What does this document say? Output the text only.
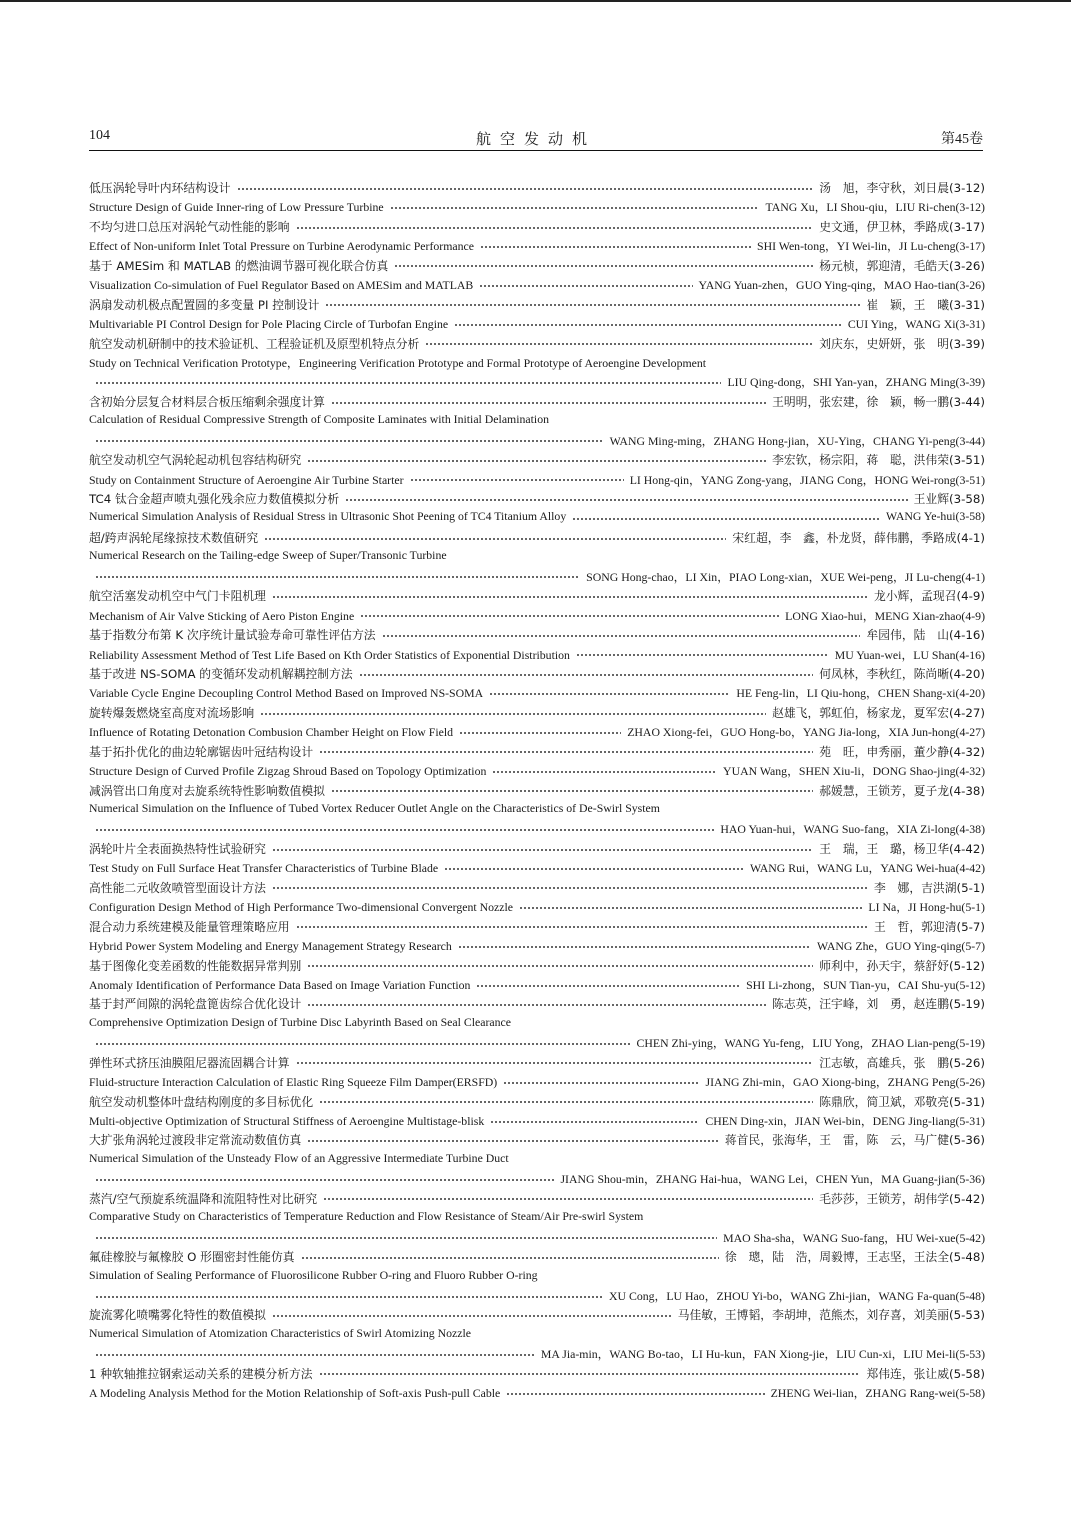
104	航空发动机	第45卷
低压涡轮导叶内环结构设计	汤　旭，李守秋，刘日晨(3-12)
Structure Design of Guide Inner-ring of Low Pressure Turbine	TANG Xu，LI Shou-qiu，LIU Ri-chen(3-12)
不均匀进口总压对涡轮气动性能的影响	史文通，伊卫林，季路成(3-17)
Effect of Non-uniform Inlet Total Pressure on Turbine Aerodynamic Performance	SHI Wen-tong，YI Wei-lin，JI Lu-cheng(3-17)
基于 AMESim 和 MATLAB 的燃油调节器可视化联合仿真	杨元桢，郭迎清，毛皓天(3-26)
Visualization Co-simulation of Fuel Regulator Based on AMESim and MATLAB	YANG Yuan-zhen，GUO Ying-qing，MAO Hao-tian(3-26)
涡扇发动机极点配置圆的多变量 PI 控制设计	崔　颖，王　曦(3-31)
Multivariable PI Control Design for Pole Placing Circle of Turbofan Engine	CUI Ying，WANG Xi(3-31)
航空发动机研制中的技术验证机、工程验证机及原型机特点分析	刘庆东，史妍妍，张　明(3-39)
Study on Technical Verification Prototype，Engineering Verification Prototype and Formal Prototype of Aeroengine Development
LIU Qing-dong，SHI Yan-yan，ZHANG Ming(3-39)
含初始分层复合材料层合板压缩剩余强度计算	王明明，张宏建，徐　颖，畅一鹏(3-44)
Calculation of Residual Compressive Strength of Composite Laminates with Initial Delamination
WANG Ming-ming，ZHANG Hong-jian，XU-Ying，CHANG Yi-peng(3-44)
航空发动机空气涡轮起动机包容结构研究	李宏钦，杨宗阳，蒋　聪，洪伟荣(3-51)
Study on Containment Structure of Aeroengine Air Turbine Starter	LI Hong-qin，YANG Zong-yang，JIANG Cong，HONG Wei-rong(3-51)
TC4 钛合金超声喷丸强化残余应力数值模拟分析	王业辉(3-58)
Numerical Simulation Analysis of Residual Stress in Ultrasonic Shot Peening of TC4 Titanium Alloy	WANG Ye-hui(3-58)
超/跨声涡轮尾缘掠技术数值研究	宋红超，李　鑫，朴龙贤，薛伟鹏，季路成(4-1)
Numerical Research on the Tailing-edge Sweep of Super/Transonic Turbine
SONG Hong-chao，LI Xin，PIAO Long-xian，XUE Wei-peng，JI Lu-cheng(4-1)
航空活塞发动机空中气门卡阻机理	龙小辉，孟现召(4-9)
Mechanism of Air Valve Sticking of Aero Piston Engine	LONG Xiao-hui，MENG Xian-zhao(4-9)
基于指数分布第 K 次序统计量试验寿命可靠性评估方法	牟园伟，陆　山(4-16)
Reliability Assessment Method of Test Life Based on Kth Order Statistics of Exponential Distribution	MU Yuan-wei，LU Shan(4-16)
基于改进 NS-SOMA 的变循环发动机解耦控制方法	何凤林，李秋红，陈尚晰(4-20)
Variable Cycle Engine Decoupling Control Method Based on Improved NS-SOMA	HE Feng-lin，LI Qiu-hong，CHEN Shang-xi(4-20)
旋转爆轰燃烧室高度对流场影响	赵雄飞，郭虹伯，杨家龙，夏军宏(4-27)
Influence of Rotating Detonation Combusion Chamber Height on Flow Field	ZHAO Xiong-fei，GUO Hong-bo，YANG Jia-long，XIA Jun-hong(4-27)
基于拓扑优化的曲边轮廓锯齿叶冠结构设计	苑　旺，申秀丽，董少静(4-32)
Structure Design of Curved Profile Zigzag Shroud Based on Topology Optimization	YUAN Wang，SHEN Xiu-li，DONG Shao-jing(4-32)
减涡管出口角度对去旋系统特性影响数值模拟	郝媛慧，王锁芳，夏子龙(4-38)
Numerical Simulation on the Influence of Tubed Vortex Reducer Outlet Angle on the Characteristics of De-Swirl System
HAO Yuan-hui，WANG Suo-fang，XIA Zi-long(4-38)
涡轮叶片全表面换热特性试验研究	王　瑞，王　璐，杨卫华(4-42)
Test Study on Full Surface Heat Transfer Characteristics of Turbine Blade	WANG Rui，WANG Lu，YANG Wei-hua(4-42)
高性能二元收敛喷管型面设计方法	李　娜，吉洪湖(5-1)
Configuration Design Method of High Performance Two-dimensional Convergent Nozzle	LI Na，JI Hong-hu(5-1)
混合动力系统建模及能量管理策略应用	王　哲，郭迎清(5-7)
Hybrid Power System Modeling and Energy Management Strategy Research	WANG Zhe，GUO Ying-qing(5-7)
基于图像化变差函数的性能数据异常判别	师利中，孙天宇，蔡舒妤(5-12)
Anomaly Identification of Performance Data Based on Image Variation Function	SHI Li-zhong，SUN Tian-yu，CAI Shu-yu(5-12)
基于封严间隙的涡轮盘篦齿综合优化设计	陈志英，汪宇峰，刘　勇，赵连鹏(5-19)
Comprehensive Optimization Design of Turbine Disc Labyrinth Based on Seal Clearance
CHEN Zhi-ying，WANG Yu-feng，LIU Yong，ZHAO Lian-peng(5-19)
弹性环式挤压油膜阻尼器流固耦合计算	江志敏，高雄兵，张　鹏(5-26)
Fluid-structure Interaction Calculation of Elastic Ring Squeeze Film Damper(ERSFD)	JIANG Zhi-min，GAO Xiong-bing，ZHANG Peng(5-26)
航空发动机整体叶盘结构刚度的多目标优化	陈鼎欣，简卫斌，邓敬亮(5-31)
Multi-objective Optimization of Structural Stiffness of Aeroengine Multistage-blisk	CHEN Ding-xin，JIAN Wei-bin，DENG Jing-liang(5-31)
大扩张角涡轮过渡段非定常流动数值仿真	蒋首民，张海华，王　雷，陈　云，马广健(5-36)
Numerical Simulation of the Unsteady Flow of an Aggressive Intermediate Turbine Duct
JIANG Shou-min，ZHANG Hai-hua，WANG Lei，CHEN Yun，MA Guang-jian(5-36)
蒸汽/空气预旋系统温降和流阻特性对比研究	毛莎莎，王锁芳，胡伟学(5-42)
Comparative Study on Characteristics of Temperature Reduction and Flow Resistance of Steam/Air Pre-swirl System
MAO Sha-sha，WANG Suo-fang，HU Wei-xue(5-42)
氟硅橡胶与氟橡胶 O 形圈密封性能仿真	徐　璁，陆　浩，周毅博，王志坚，王法全(5-48)
Simulation of Sealing Performance of Fluorosilicone Rubber O-ring and Fluoro Rubber O-ring
XU Cong，LU Hao，ZHOU Yi-bo，WANG Zhi-jian，WANG Fa-quan(5-48)
旋流雾化喷嘴雾化特性的数值模拟	马佳敏，王博韬，李胡坤，范熊杰，刘存喜，刘美丽(5-53)
Numerical Simulation of Atomization Characteristics of Swirl Atomizing Nozzle
MA Jia-min，WANG Bo-tao，LI Hu-kun，FAN Xiong-jie，LIU Cun-xi，LIU Mei-li(5-53)
1 种软轴推拉钢索运动关系的建模分析方法	郑伟连，张让威(5-58)
A Modeling Analysis Method for the Motion Relationship of Soft-axis Push-pull Cable	ZHENG Wei-lian，ZHANG Rang-wei(5-58)
